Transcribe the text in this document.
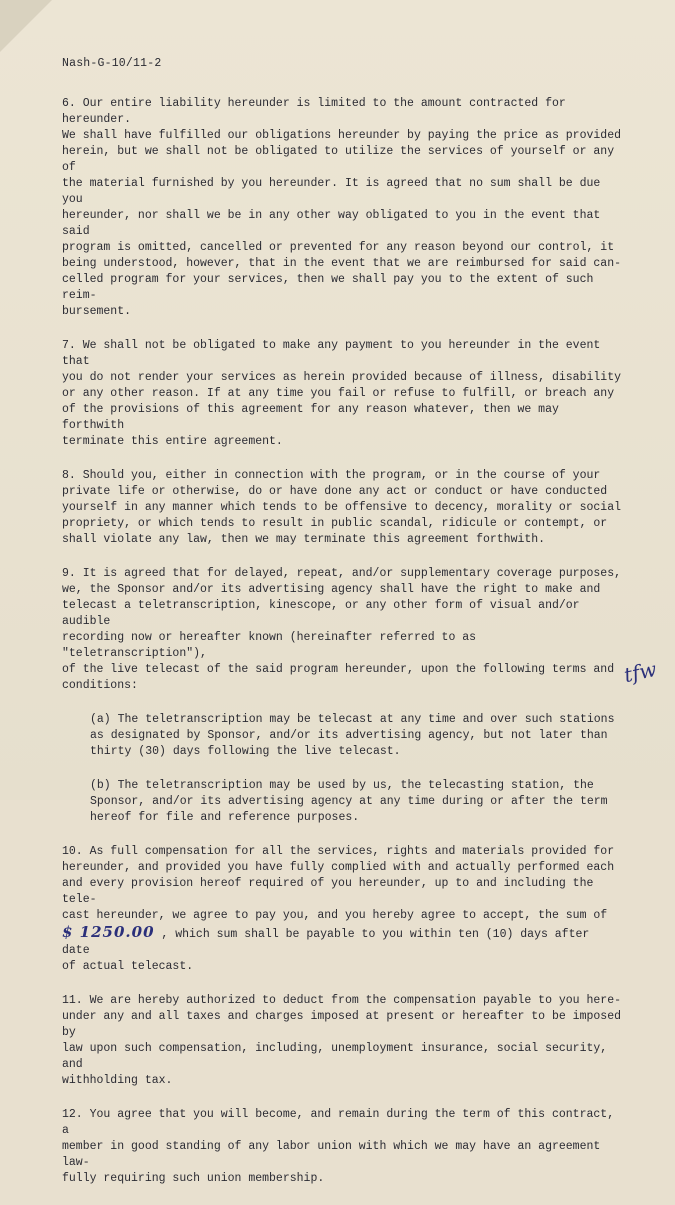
Nash-G-10/11-2

6. Our entire liability hereunder is limited to the amount contracted for hereunder.
We shall have fulfilled our obligations hereunder by paying the price as provided
herein, but we shall not be obligated to utilize the services of yourself or any of
the material furnished by you hereunder. It is agreed that no sum shall be due you
hereunder, nor shall we be in any other way obligated to you in the event that said
program is omitted, cancelled or prevented for any reason beyond our control, it
being understood, however, that in the event that we are reimbursed for said can-
celled program for your services, then we shall pay you to the extent of such reim-
bursement.

7. We shall not be obligated to make any payment to you hereunder in the event that
you do not render your services as herein provided because of illness, disability
or any other reason. If at any time you fail or refuse to fulfill, or breach any
of the provisions of this agreement for any reason whatever, then we may forthwith
terminate this entire agreement.

8. Should you, either in connection with the program, or in the course of your
private life or otherwise, do or have done any act or conduct or have conducted
yourself in any manner which tends to be offensive to decency, morality or social
propriety, or which tends to result in public scandal, ridicule or contempt, or
shall violate any law, then we may terminate this agreement forthwith.

9. It is agreed that for delayed, repeat, and/or supplementary coverage purposes,
we, the Sponsor and/or its advertising agency shall have the right to make and
telecast a teletranscription, kinescope, or any other form of visual and/or audible
recording now or hereafter known (hereinafter referred to as "teletranscription"),
of the live telecast of the said program hereunder, upon the following terms and
conditions:

(a) The teletranscription may be telecast at any time and over such stations
as designated by Sponsor, and/or its advertising agency, but not later than
thirty (30) days following the live telecast.

(b) The teletranscription may be used by us, the telecasting station, the
Sponsor, and/or its advertising agency at any time during or after the term
hereof for file and reference purposes.

10. As full compensation for all the services, rights and materials provided for
hereunder, and provided you have fully complied with and actually performed each
and every provision hereof required of you hereunder, up to and including the tele-
cast hereunder, we agree to pay you, and you hereby agree to accept, the sum of
$ 1250.00 , which sum shall be payable to you within ten (10) days after date
of actual telecast.

11. We are hereby authorized to deduct from the compensation payable to you here-
under any and all taxes and charges imposed at present or hereafter to be imposed by
law upon such compensation, including, unemployment insurance, social security, and
withholding tax.

12. You agree that you will become, and remain during the term of this contract, a
member in good standing of any labor union with which we may have an agreement law-
fully requiring such union membership.

tfw
